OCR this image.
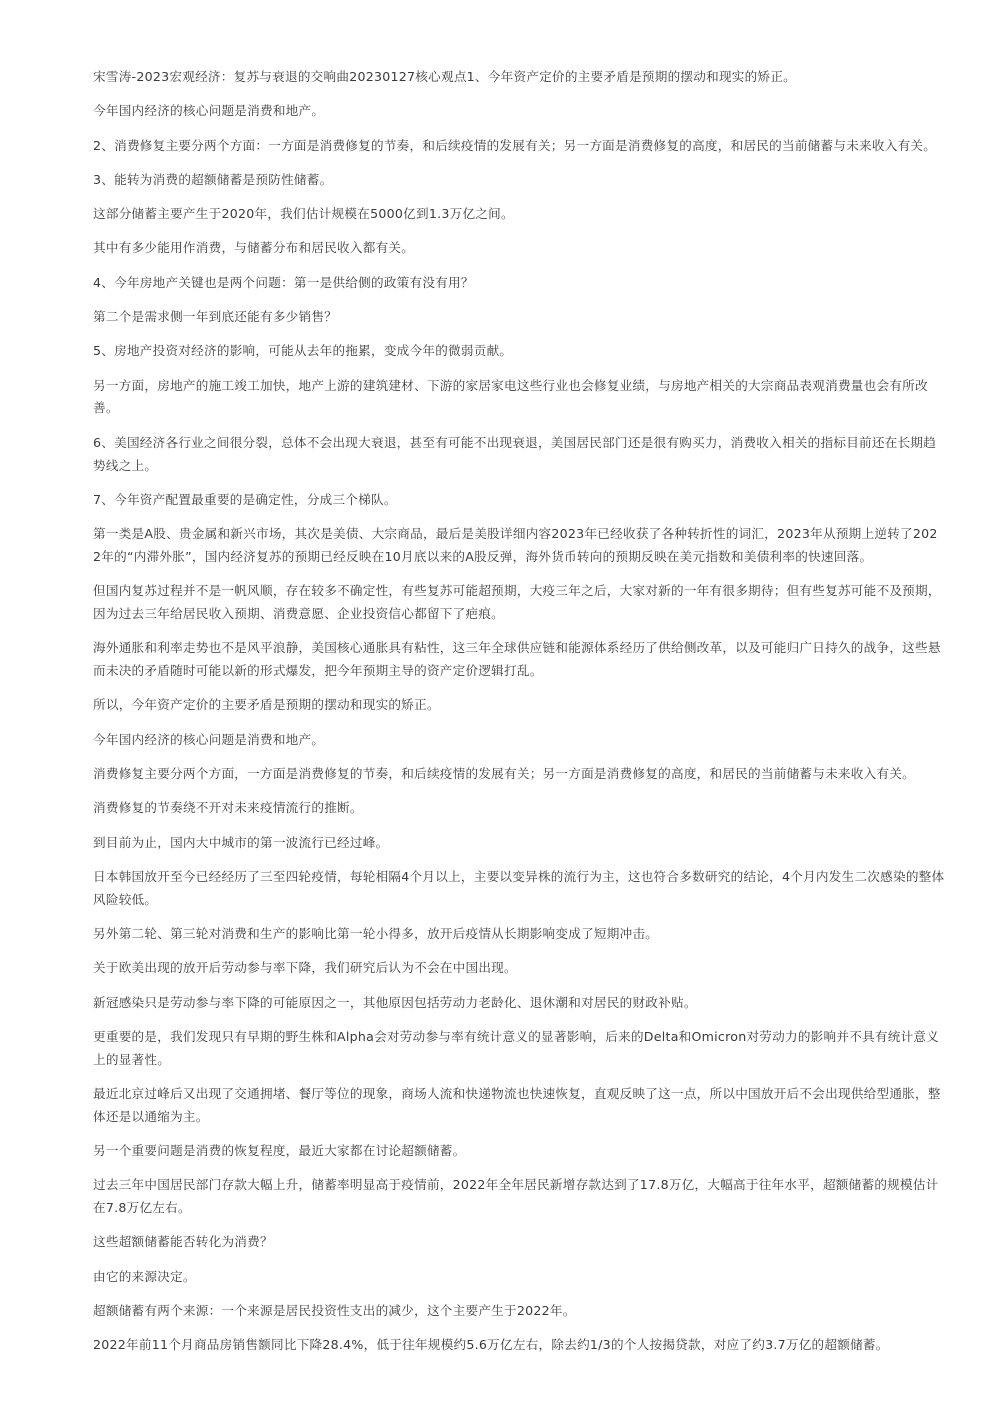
宋雪涛-2023宏观经济：复苏与衰退的交响曲20230127核心观点1、今年资产定价的主要矛盾是预期的摆动和现实的矫正。

今年国内经济的核心问题是消费和地产。

2、消费修复主要分两个方面：一方面是消费修复的节奏，和后续疫情的发展有关；另一方面是消费修复的高度，和居民的当前储蓄与未来收入有关。

3、能转为消费的超额储蓄是预防性储蓄。

这部分储蓄主要产生于2020年，我们估计规模在5000亿到1.3万亿之间。

其中有多少能用作消费，与储蓄分布和居民收入都有关。

4、今年房地产关键也是两个问题：第一是供给侧的政策有没有用？

第二个是需求侧一年到底还能有多少销售？

5、房地产投资对经济的影响，可能从去年的拖累，变成今年的微弱贡献。

另一方面，房地产的施工竣工加快，地产上游的建筑建材、下游的家居家电这些行业也会修复业绩，与房地产相关的大宗商品表观消费量也会有所改善。

6、美国经济各行业之间很分裂，总体不会出现大衰退，甚至有可能不出现衰退，美国居民部门还是很有购买力，消费收入相关的指标目前还在长期趋势线之上。

7、今年资产配置最重要的是确定性，分成三个梯队。

第一类是A股、贵金属和新兴市场，其次是美债、大宗商品，最后是美股详细内容2023年已经收获了各种转折性的词汇，2023年从预期上逆转了2022年的“内滞外胀”，国内经济复苏的预期已经反映在10月底以来的A股反弹，海外货币转向的预期反映在美元指数和美债利率的快速回落。

但国内复苏过程并不是一帆风顺，存在较多不确定性，有些复苏可能超预期，大疫三年之后，大家对新的一年有很多期待；但有些复苏可能不及预期，因为过去三年给居民收入预期、消费意愿、企业投资信心都留下了疤痕。

海外通胀和利率走势也不是风平浪静，美国核心通胀具有粘性，这三年全球供应链和能源体系经历了供给侧改革，以及可能归广日持久的战争，这些悬而未决的矛盾随时可能以新的形式爆发，把今年预期主导的资产定价逻辑打乱。

所以，今年资产定价的主要矛盾是预期的摆动和现实的矫正。

今年国内经济的核心问题是消费和地产。

消费修复主要分两个方面，一方面是消费修复的节奏，和后续疫情的发展有关；另一方面是消费修复的高度，和居民的当前储蓄与未来收入有关。

消费修复的节奏绕不开对未来疫情流行的推断。

到目前为止，国内大中城市的第一波流行已经过峰。

日本韩国放开至今已经经历了三至四轮疫情，每轮相隔4个月以上，主要以变异株的流行为主，这也符合多数研究的结论，4个月内发生二次感染的整体风险较低。

另外第二轮、第三轮对消费和生产的影响比第一轮小得多，放开后疫情从长期影响变成了短期冲击。

关于欧美出现的放开后劳动参与率下降，我们研究后认为不会在中国出现。

新冠感染只是劳动参与率下降的可能原因之一，其他原因包括劳动力老龄化、退休潮和对居民的财政补贴。

更重要的是，我们发现只有早期的野生株和Alpha会对劳动参与率有统计意义的显著影响，后来的Delta和Omicron对劳动力的影响并不具有统计意义上的显著性。

最近北京过峰后又出现了交通拥堵、餐厅等位的现象，商场人流和快递物流也快速恢复，直观反映了这一点，所以中国放开后不会出现供给型通胀，整体还是以通缩为主。

另一个重要问题是消费的恢复程度，最近大家都在讨论超额储蓄。

过去三年中国居民部门存款大幅上升，储蓄率明显高于疫情前，2022年全年居民新增存款达到了17.8万亿，大幅高于往年水平，超额储蓄的规模估计在7.8万亿左右。

这些超额储蓄能否转化为消费？

由它的来源决定。

超额储蓄有两个来源：一个来源是居民投资性支出的减少，这个主要产生于2022年。

2022年前11个月商品房销售额同比下降28.4%，低于往年规模约5.6万亿左右，除去约1/3的个人按揭贷款，对应了约3.7万亿的超额储蓄。
